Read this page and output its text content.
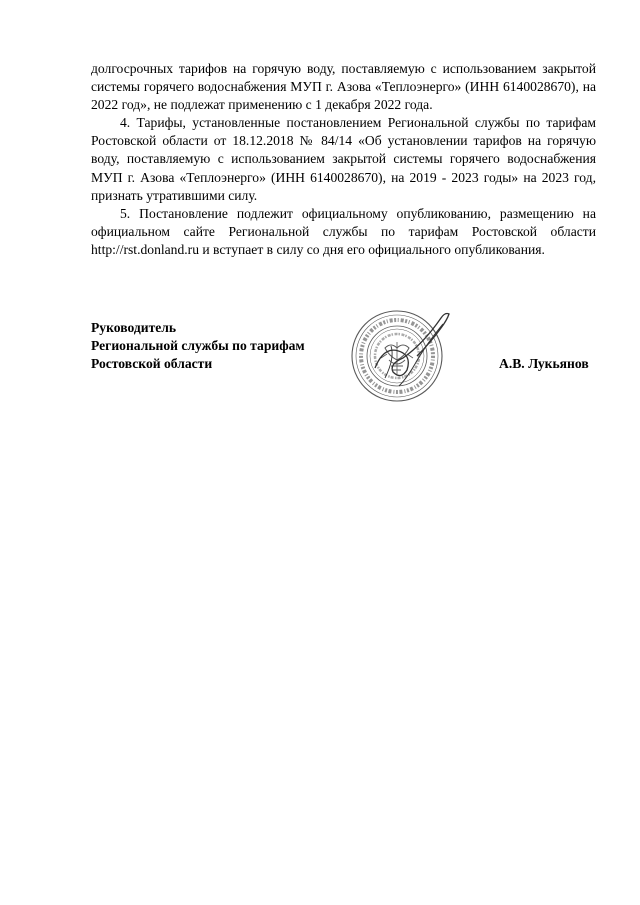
долгосрочных тарифов на горячую воду, поставляемую с использованием закрытой системы горячего водоснабжения МУП г. Азова «Теплоэнерго» (ИНН 6140028670), на 2022 год», не подлежат применению с 1 декабря 2022 года.

4. Тарифы, установленные постановлением Региональной службы по тарифам Ростовской области от 18.12.2018 № 84/14 «Об установлении тарифов на горячую воду, поставляемую с использованием закрытой системы горячего водоснабжения МУП г. Азова «Теплоэнерго» (ИНН 6140028670), на 2019 - 2023 годы» на 2023 год, признать утратившими силу.

5. Постановление подлежит официальному опубликованию, размещению на официальном сайте Региональной службы по тарифам Ростовской области http://rst.donland.ru и вступает в силу со дня его официального опубликования.

Руководитель
Региональной службы по тарифам
Ростовской области	А.В. Лукьянов
